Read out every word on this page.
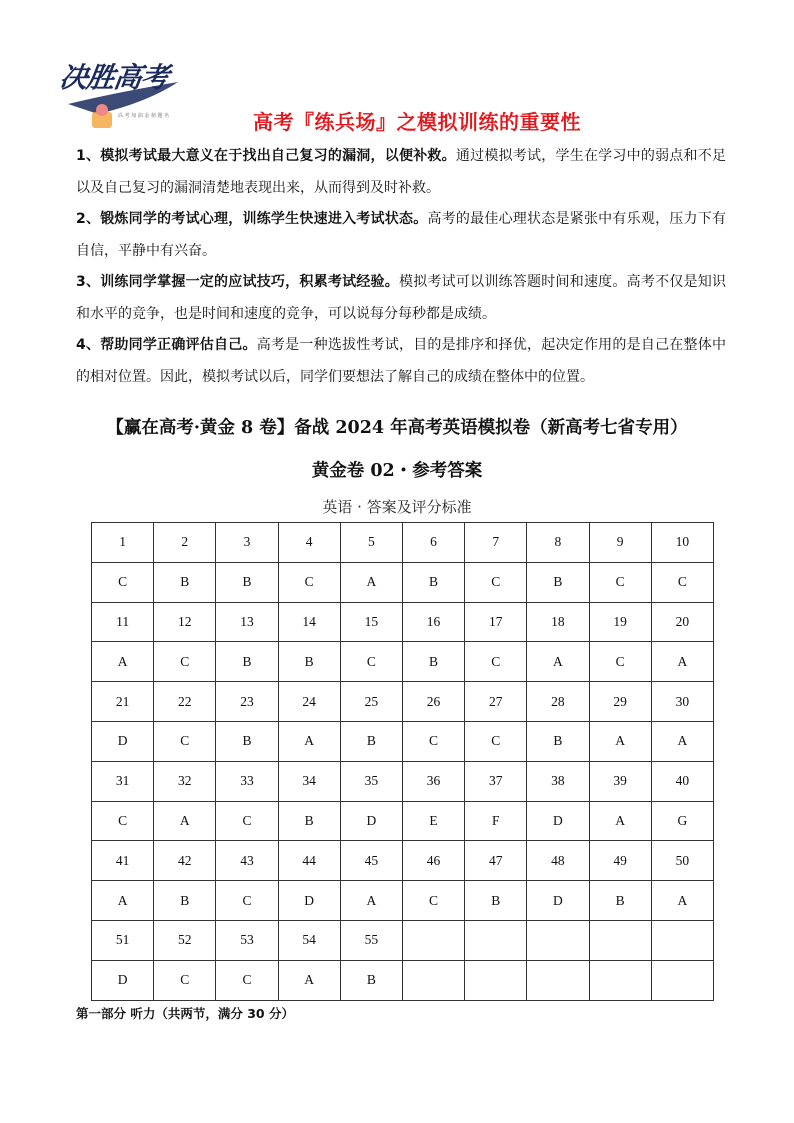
决胜高考
高 考 加 油 金 榜 题 名	高考『练兵场』之模拟训练的重要性

1、模拟考试最大意义在于找出自己复习的漏洞，以便补救。通过模拟考试，学生在学习中的弱点和不足以及自己复习的漏洞清楚地表现出来，从而得到及时补救。

2、锻炼同学的考试心理，训练学生快速进入考试状态。高考的最佳心理状态是紧张中有乐观，压力下有自信，平静中有兴奋。

3、训练同学掌握一定的应试技巧，积累考试经验。模拟考试可以训练答题时间和速度。高考不仅是知识和水平的竞争，也是时间和速度的竞争，可以说每分每秒都是成绩。

4、帮助同学正确评估自己。高考是一种选拔性考试，目的是排序和择优，起决定作用的是自己在整体中的相对位置。因此，模拟考试以后，同学们要想法了解自己的成绩在整体中的位置。

【赢在高考·黄金 8 卷】备战 2024 年高考英语模拟卷（新高考七省专用）
黄金卷 02・参考答案
英语 · 答案及评分标准
1	2	3	4	5	6	7	8	9	10
C	B	B	C	A	B	C	B	C	C
11	12	13	14	15	16	17	18	19	20
A	C	B	B	C	B	C	A	C	A
21	22	23	24	25	26	27	28	29	30
D	C	B	A	B	C	C	B	A	A
31	32	33	34	35	36	37	38	39	40
C	A	C	B	D	E	F	D	A	G
41	42	43	44	45	46	47	48	49	50
A	B	C	D	A	C	B	D	B	A
51	52	53	54	55					
D	C	C	A	B					
第一部分 听力（共两节，满分 30 分）
